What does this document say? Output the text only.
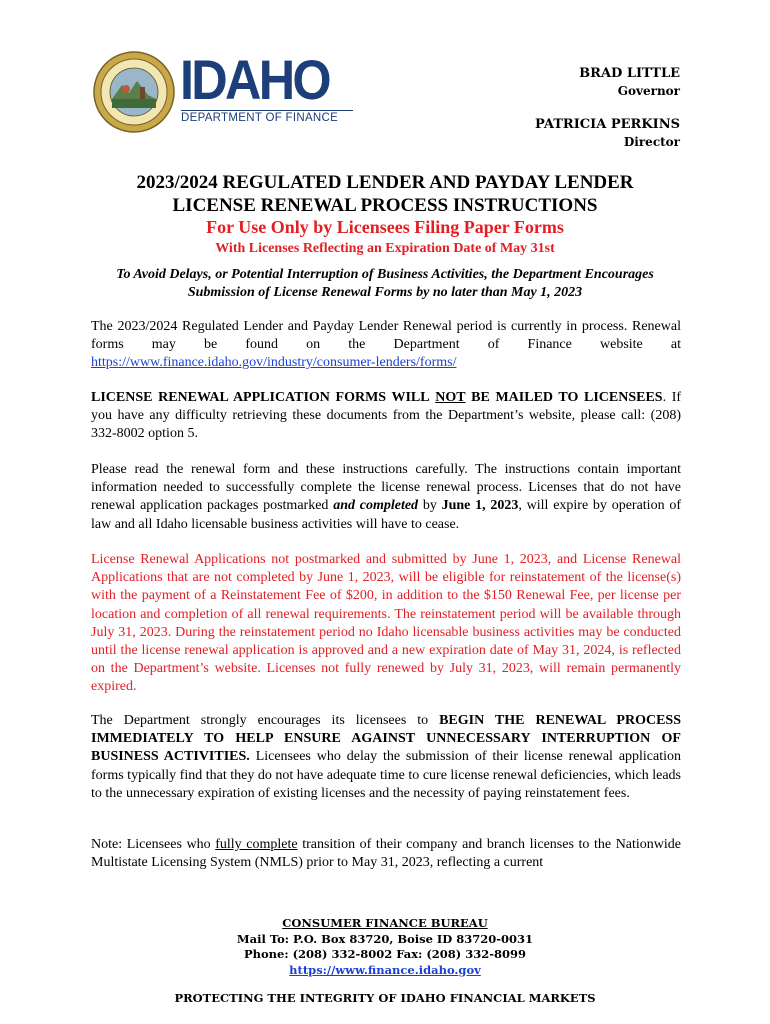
IDAHO
DEPARTMENT OF FINANCE
BRAD LITTLE
Governor
PATRICIA PERKINS
Director
2023/2024 REGULATED LENDER AND PAYDAY LENDER
LICENSE RENEWAL PROCESS INSTRUCTIONS
For Use Only by Licensees Filing Paper Forms
With Licenses Reflecting an Expiration Date of May 31st
To Avoid Delays, or Potential Interruption of Business Activities, the Department Encourages
Submission of License Renewal Forms by no later than May 1, 2023
The 2023/2024 Regulated Lender and Payday Lender Renewal period is currently in process. Renewal forms may be found on the Department of Finance website at https://www.finance.idaho.gov/industry/consumer-lenders/forms/
LICENSE RENEWAL APPLICATION FORMS WILL NOT BE MAILED TO LICENSEES. If you have any difficulty retrieving these documents from the Department’s website, please call: (208) 332-8002 option 5.
Please read the renewal form and these instructions carefully. The instructions contain important information needed to successfully complete the license renewal process. Licenses that do not have renewal application packages postmarked and completed by June 1, 2023, will expire by operation of law and all Idaho licensable business activities will have to cease.
License Renewal Applications not postmarked and submitted by June 1, 2023, and License Renewal Applications that are not completed by June 1, 2023, will be eligible for reinstatement of the license(s) with the payment of a Reinstatement Fee of $200, in addition to the $150 Renewal Fee, per license per location and completion of all renewal requirements. The reinstatement period will be available through July 31, 2023. During the reinstatement period no Idaho licensable business activities may be conducted until the license renewal application is approved and a new expiration date of May 31, 2024, is reflected on the Department’s website. Licenses not fully renewed by July 31, 2023, will remain permanently expired.
The Department strongly encourages its licensees to BEGIN THE RENEWAL PROCESS IMMEDIATELY TO HELP ENSURE AGAINST UNNECESSARY INTERRUPTION OF BUSINESS ACTIVITIES. Licensees who delay the submission of their license renewal application forms typically find that they do not have adequate time to cure license renewal deficiencies, which leads to the unnecessary expiration of existing licenses and the necessity of paying reinstatement fees.
Note: Licensees who fully complete transition of their company and branch licenses to the Nationwide Multistate Licensing System (NMLS) prior to May 31, 2023, reflecting a current
CONSUMER FINANCE BUREAU
Mail To: P.O. Box 83720, Boise ID 83720-0031
Phone: (208) 332-8002 Fax: (208) 332-8099
https://www.finance.idaho.gov
PROTECTING THE INTEGRITY OF IDAHO FINANCIAL MARKETS
